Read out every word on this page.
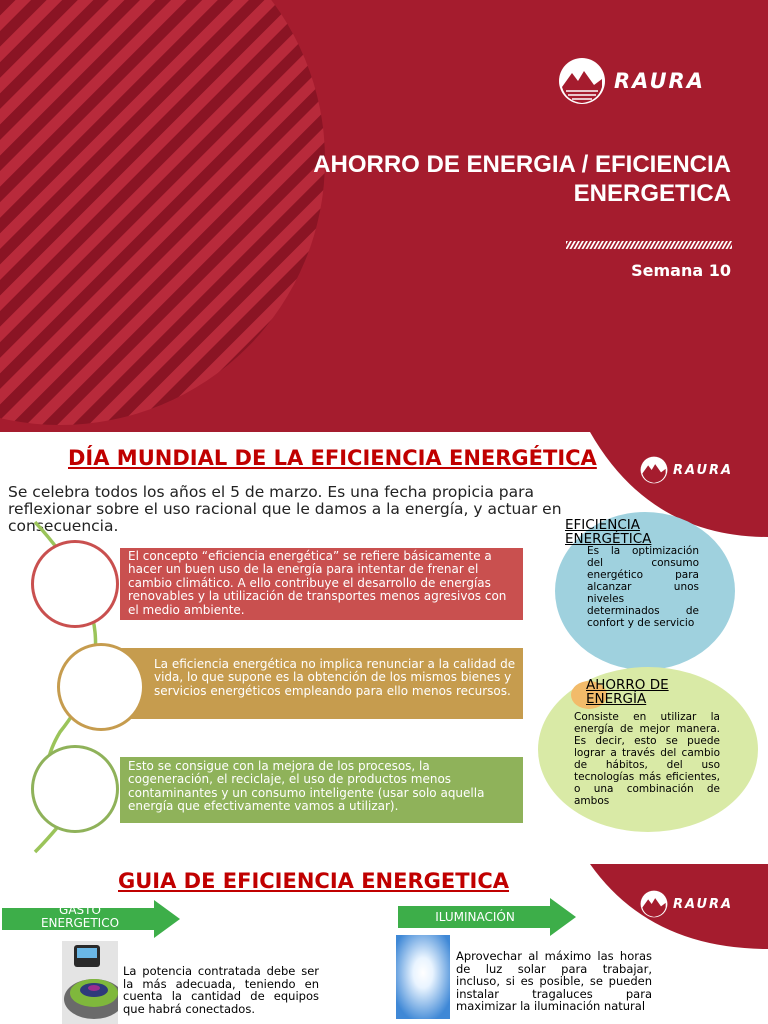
RAURA
AHORRO DE ENERGIA / EFICIENCIA ENERGETICA
Semana 10
RAURA
DÍA MUNDIAL DE LA EFICIENCIA ENERGÉTICA

Se celebra todos los años el 5 de marzo. Es una fecha propicia para reflexionar sobre el uso racional que le damos a la energía, y actuar en consecuencia.

El concepto “eficiencia energética” se refiere básicamente a hacer un buen uso de la energía para intentar de frenar el cambio climático. A ello contribuye el desarrollo de energías renovables y la utilización de transportes menos agresivos con el medio ambiente.
La eficiencia energética no implica renunciar a la calidad de vida, lo que supone es la obtención de los mismos bienes y servicios energéticos empleando para ello menos recursos.
Esto se consigue con la mejora de los procesos, la cogeneración, el reciclaje, el uso de productos menos contaminantes y un consumo inteligente (usar solo aquella energía que efectivamente vamos a utilizar).
EFICIENCIA ENERGÉTICA
Es la optimización del consumo energético para alcanzar unos niveles determinados de confort y de servicio
AHORRO DE ENERGÍA
Consiste en utilizar la energía de mejor manera. Es decir, esto se puede lograr a través del cambio de hábitos, del uso tecnologías más eficientes, o una combinación de ambos
RAURA
GUIA DE EFICIENCIA ENERGETICA
GASTO ENERGETICO
La potencia contratada debe ser la más adecuada, teniendo en cuenta la cantidad de equipos que habrá conectados.
ILUMINACIÓN
Aprovechar al máximo las horas de luz solar para trabajar, incluso, si es posible, se pueden instalar tragaluces para maximizar la iluminación natural
